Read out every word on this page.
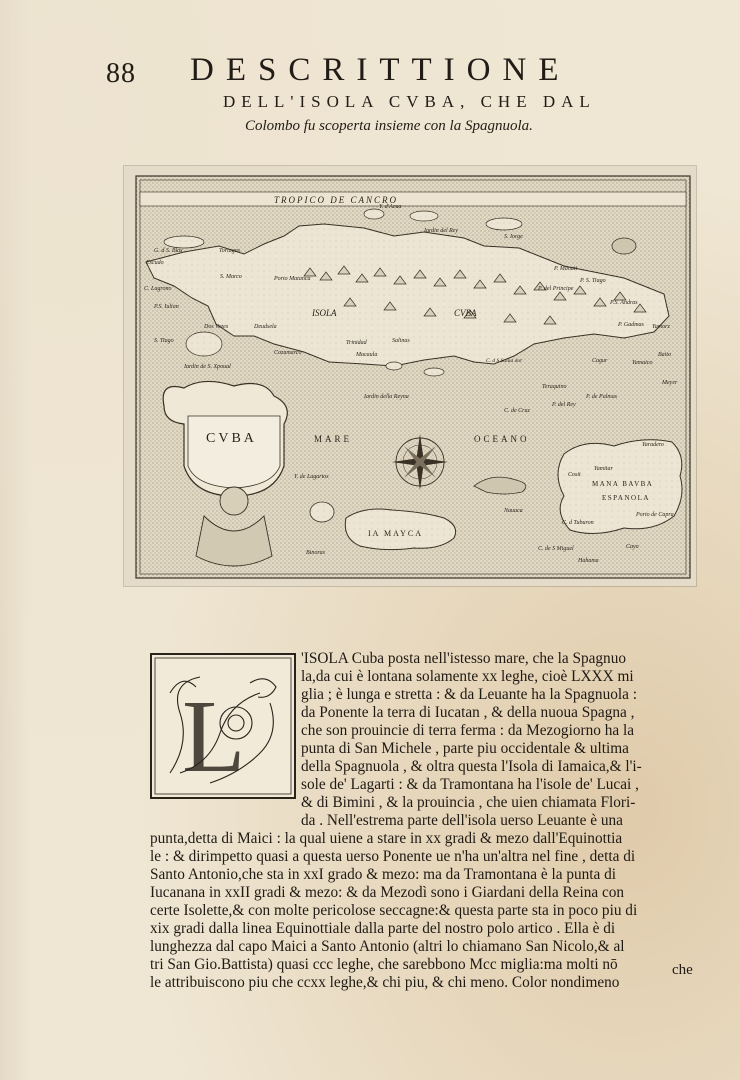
88 DESCRITTIONE
DELL'ISOLA CVBA, CHE DAL
Colombo fu scoperta insieme con la Spagnuola.
TROPICO DE CANCRO
ISOLA	CVBA
Y. d'Acua
Iardin del Rey
S. Iorge
G. d S. Blas	Tortugas
Escudo
S. Marco	Porto Matanca
C. Lagrono
P.S. Iulian
Dos Vezes	Deudsela
Trinidad
Macaula
Salinas
S. Tiago
Iardin de S. Xpoual
Cozumarco
Iardin della Reyna
C. de Cruz
P. del Rey
P. de Palmas
P. Manati
P. S. Tiago
P. del Principe
P.S. Andras
P. Gadmas Yamorz
Baito
Yamaico
Cagur
Teraquino
Meyer
CVBA	MARE	OCEANO
Y. de Lagartos
IA MAYCA
Binoras
MANA BAVBA
ESPANOLA
Yaradero
Cosit
Yamitar
Nauaca
C. d Tuburon
Porto de Capra
C. de S Miguel
Hahama
Cayo
C. d S Salua dor
L
'ISOLA Cuba posta nell'istesso mare, che la Spagnuo
la,da cui è lontana solamente xx leghe, cioè LXXX mi
glia ; è lunga e stretta : & da Leuante ha la Spagnuola :
da Ponente la terra di Iucatan , & della nuoua Spagna ,
che son prouincie di terra ferma : da Mezogiorno ha la
punta di San Michele , parte piu occidentale & ultima
della Spagnuola , & oltra questa l'Isola di Iamaica,& l'i-
sole de' Lagarti : & da Tramontana ha l'isole de' Lucai ,
& di Bimini , & la prouincia , che uien chiamata Flori-
da . Nell'estrema parte dell'isola uerso Leuante è una
punta,detta di Maici : la qual uiene a stare in xx gradi & mezo dall'Equinottia
le : & dirimpetto quasi a questa uerso Ponente ue n'ha un'altra nel fine , detta di
Santo Antonio,che sta in xxI grado & mezo: ma da Tramontana è la punta di
Iucanana in xxII gradi & mezo: & da Mezodì sono i Giardani della Reina con
certe Isolette,& con molte pericolose seccagne:& questa parte sta in poco piu di
xix gradi dalla linea Equinottiale dalla parte del nostro polo artico . Ella è di
lunghezza dal capo Maici a Santo Antonio (altri lo chiamano San Nicolo,& al
tri San Gio.Battista) quasi ccc leghe, che sarebbono Mcc miglia:ma molti nō
le attribuiscono piu che ccxx leghe,& chi piu, & chi meno. Color nondimeno
che
